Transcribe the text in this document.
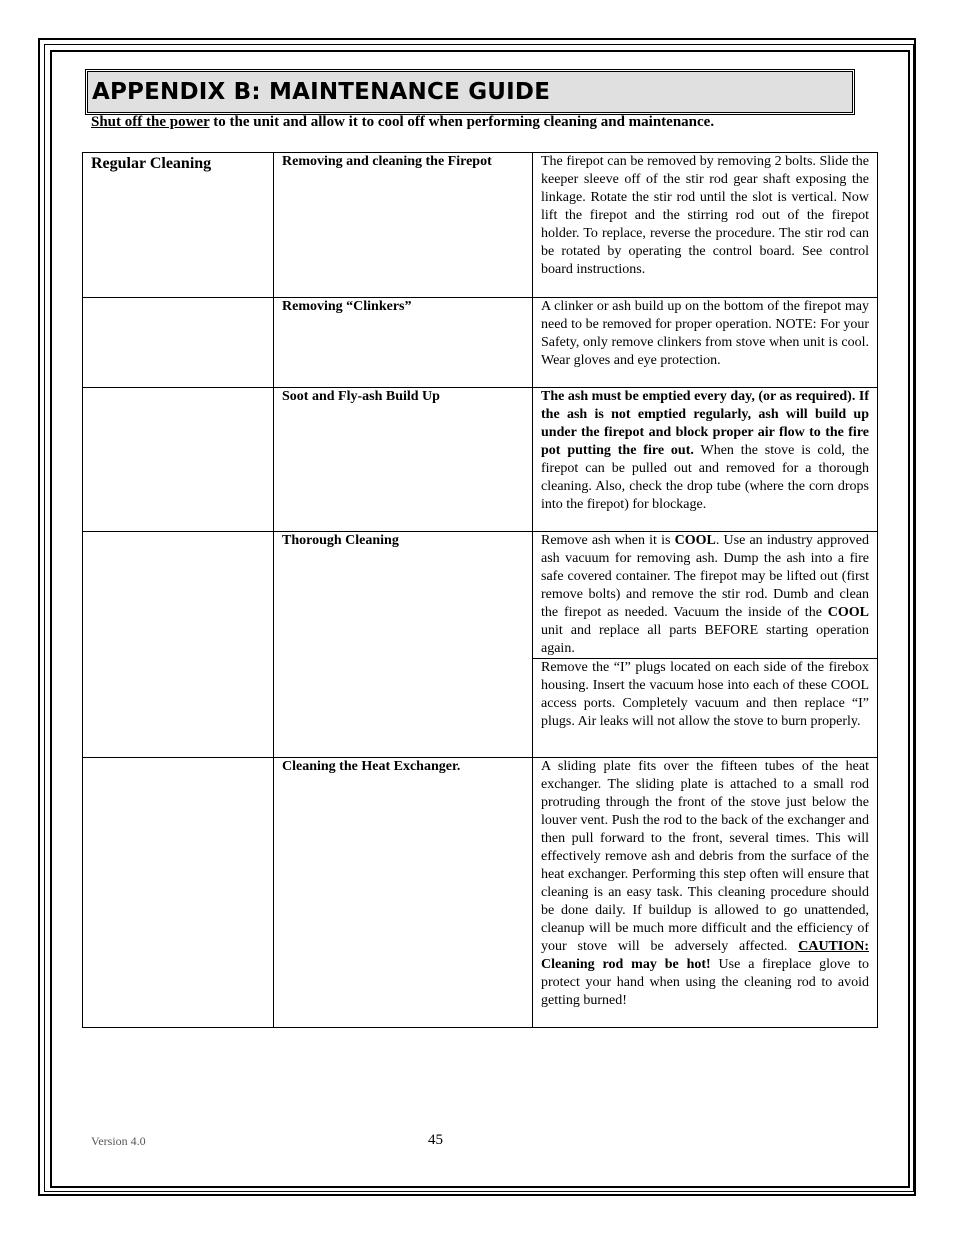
APPENDIX B: MAINTENANCE GUIDE
Shut off the power to the unit and allow it to cool off when performing cleaning and maintenance.
Regular Cleaning	Removing and cleaning the Firepot	The firepot can be removed by removing 2 bolts. Slide the keeper sleeve off of the stir rod gear shaft exposing the linkage. Rotate the stir rod until the slot is vertical. Now lift the firepot and the stirring rod out of the firepot holder. To replace, reverse the procedure. The stir rod can be rotated by operating the control board. See control board instructions.

	Removing “Clinkers”	A clinker or ash build up on the bottom of the firepot may need to be removed for proper operation. NOTE: For your Safety, only remove clinkers from stove when unit is cool. Wear gloves and eye protection.

	Soot and Fly-ash Build Up	The ash must be emptied every day, (or as required). If the ash is not emptied regularly, ash will build up under the firepot and block proper air flow to the fire pot putting the fire out. When the stove is cold, the firepot can be pulled out and removed for a thorough cleaning. Also, check the drop tube (where the corn drops into the firepot) for blockage.

	Thorough Cleaning	Remove ash when it is COOL. Use an industry approved ash vacuum for removing ash. Dump the ash into a fire safe covered container. The firepot may be lifted out (first remove bolts) and remove the stir rod. Dumb and clean the firepot as needed. Vacuum the inside of the COOL unit and replace all parts BEFORE starting operation again.
Remove the “I” plugs located on each side of the firebox housing. Insert the vacuum hose into each of these COOL access ports. Completely vacuum and then replace “I” plugs. Air leaks will not allow the stove to burn properly.

	Cleaning the Heat Exchanger.	A sliding plate fits over the fifteen tubes of the heat exchanger. The sliding plate is attached to a small rod protruding through the front of the stove just below the louver vent. Push the rod to the back of the exchanger and then pull forward to the front, several times. This will effectively remove ash and debris from the surface of the heat exchanger. Performing this step often will ensure that cleaning is an easy task. This cleaning procedure should be done daily. If buildup is allowed to go unattended, cleanup will be much more difficult and the efficiency of your stove will be adversely affected. CAUTION: Cleaning rod may be hot! Use a fireplace glove to protect your hand when using the cleaning rod to avoid getting burned!
Version 4.0	45
